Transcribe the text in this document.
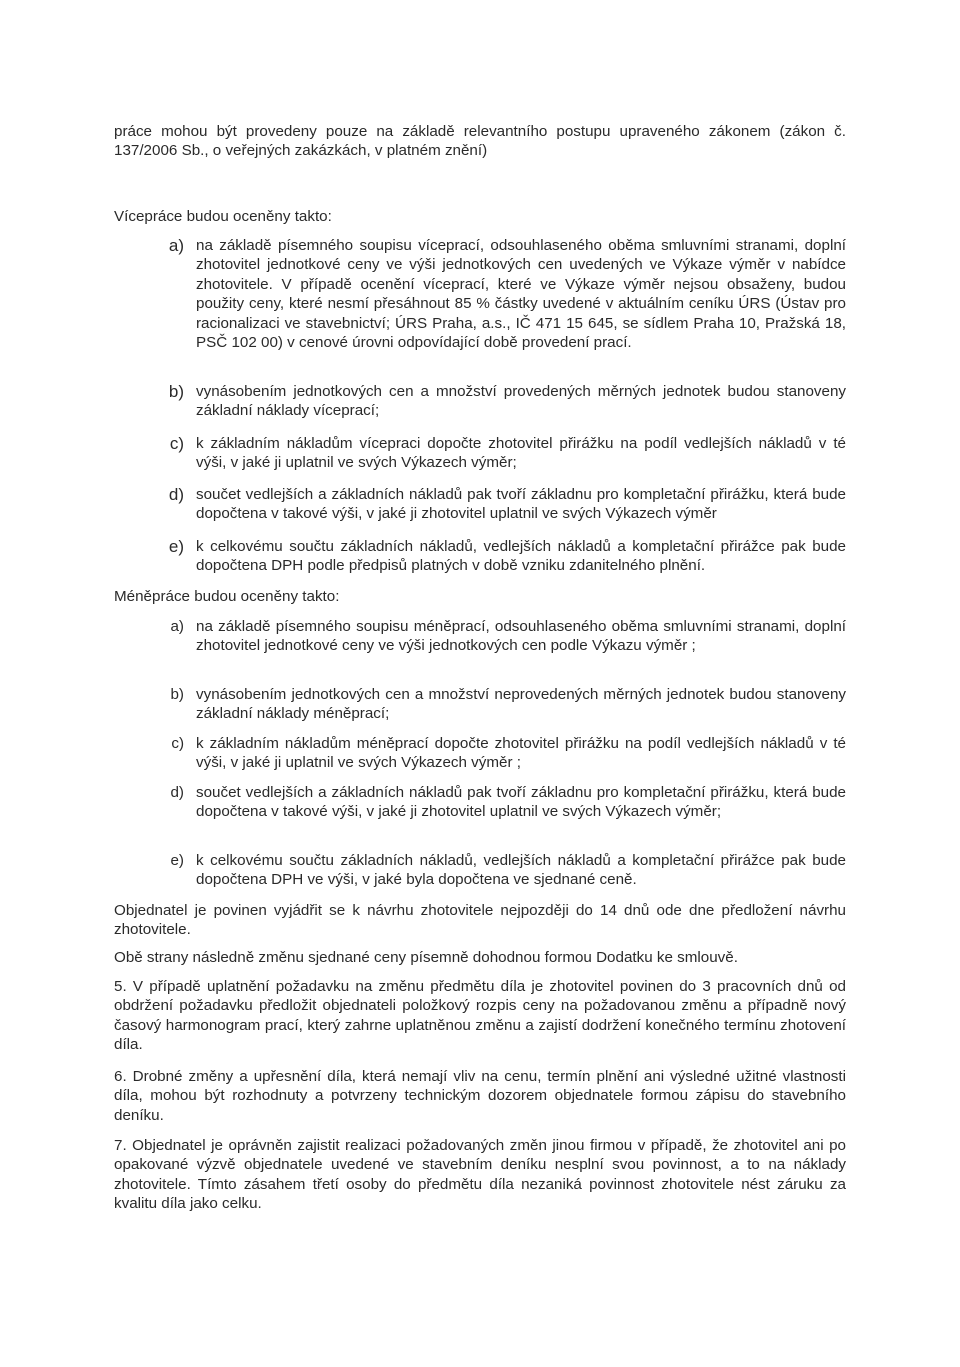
práce mohou být provedeny pouze na základě relevantního postupu upraveného zákonem (zákon č. 137/2006 Sb., o veřejných zakázkách, v platném znění)

Vícepráce budou oceněny takto:

a) na základě písemného soupisu víceprací, odsouhlaseného oběma smluvními stranami, doplní zhotovitel jednotkové ceny ve výši jednotkových cen uvedených ve Výkaze výměr v nabídce zhotovitele. V případě ocenění víceprací, které ve Výkaze výměr nejsou obsaženy, budou použity ceny, které nesmí přesáhnout 85 % částky uvedené v aktuálním ceníku ÚRS (Ústav pro racionalizaci ve stavebnictví; ÚRS Praha, a.s., IČ 471 15 645, se sídlem Praha 10, Pražská 18, PSČ 102 00) v cenové úrovni odpovídající době provedení prací.
b) vynásobením jednotkových cen a množství provedených měrných jednotek budou stanoveny základní náklady víceprací;
c) k základním nákladům vícepraci dopočte zhotovitel přirážku na podíl vedlejších nákladů v té výši, v jaké ji uplatnil ve svých Výkazech výměr;
d) součet vedlejších a základních nákladů pak tvoří základnu pro kompletační přirážku, která bude dopočtena v takové výši, v jaké ji zhotovitel uplatnil ve svých Výkazech výměr
e) k celkovému součtu základních nákladů, vedlejších nákladů a kompletační přirážce pak bude dopočtena DPH podle předpisů platných v době vzniku zdanitelného plnění.

Méněpráce budou oceněny takto:

a) na základě písemného soupisu méněprací, odsouhlaseného oběma smluvními stranami, doplní zhotovitel jednotkové ceny ve výši jednotkových cen podle Výkazu výměr ;
b) vynásobením jednotkových cen a množství neprovedených měrných jednotek budou stanoveny základní náklady méněprací;
c) k základním nákladům méněprací dopočte zhotovitel přirážku na podíl vedlejších nákladů v té výši, v jaké ji uplatnil ve svých Výkazech výměr ;
d) součet vedlejších a základních nákladů pak tvoří základnu pro kompletační přirážku, která bude dopočtena v takové výši, v jaké ji zhotovitel uplatnil ve svých Výkazech výměr;
e) k celkovému součtu základních nákladů, vedlejších nákladů a kompletační přirážce pak bude dopočtena DPH ve výši, v jaké byla dopočtena ve sjednané ceně.

Objednatel je povinen vyjádřit se k návrhu zhotovitele nejpozději do 14 dnů ode dne předložení návrhu zhotovitele.

Obě strany následně změnu sjednané ceny písemně dohodnou formou Dodatku ke smlouvě.

5. V případě uplatnění požadavku na změnu předmětu díla je zhotovitel povinen do 3 pracovních dnů od obdržení požadavku předložit objednateli položkový rozpis ceny na požadovanou změnu a případně nový časový harmonogram prací, který zahrne uplatněnou změnu a zajistí dodržení konečného termínu zhotovení díla.

6. Drobné změny a upřesnění díla, která nemají vliv na cenu, termín plnění ani výsledné užitné vlastnosti díla, mohou být rozhodnuty a potvrzeny technickým dozorem objednatele formou zápisu do stavebního deníku.

7. Objednatel je oprávněn zajistit realizaci požadovaných změn jinou firmou v případě, že zhotovitel ani po opakované výzvě objednatele uvedené ve stavebním deníku nesplní svou povinnost, a to na náklady zhotovitele. Tímto zásahem třetí osoby do předmětu díla nezaniká povinnost zhotovitele nést záruku za kvalitu díla jako celku.
